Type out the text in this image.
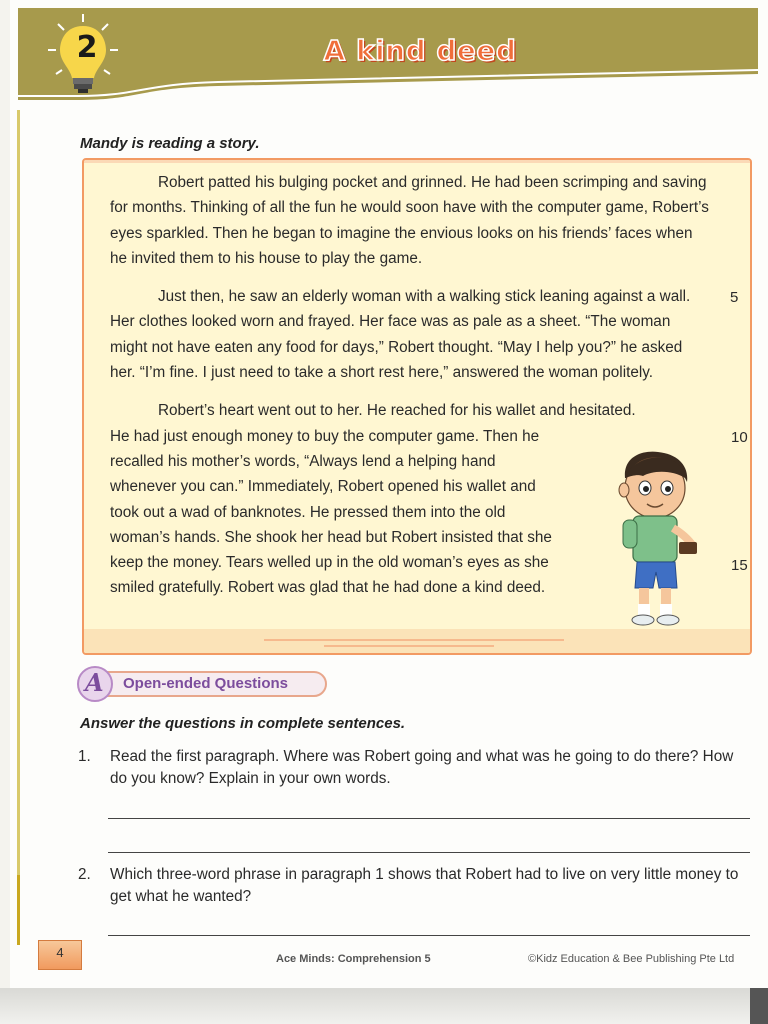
2	A kind deed
Mandy is reading a story.

Robert patted his bulging pocket and grinned. He had been scrimping and saving for months. Thinking of all the fun he would soon have with the computer game, Robert’s eyes sparkled. Then he began to imagine the envious looks on his friends’ faces when he invited them to his house to play the game.

Just then, he saw an elderly woman with a walking stick leaning against a wall. Her clothes looked worn and frayed. Her face was as pale as a sheet. “The woman might not have eaten any food for days,” Robert thought. “May I help you?” he asked her. “I’m fine. I just need to take a short rest here,” answered the woman politely.

Robert’s heart went out to her. He reached for his wallet and hesitated.

He had just enough money to buy the computer game. Then he
recalled his mother’s words, “Always lend a helping hand
whenever you can.” Immediately, Robert opened his wallet and
took out a wad of banknotes. He pressed them into the old
woman’s hands. She shook her head but Robert insisted that she
keep the money. Tears welled up in the old woman’s eyes as she
smiled gratefully. Robert was glad that he had done a kind deed.
5
10
15
A Open-ended Questions
Answer the questions in complete sentences.
1. Read the first paragraph. Where was Robert going and what was he going to do there? How do you know? Explain in your own words.
2. Which three-word phrase in paragraph 1 shows that Robert had to live on very little money to get what he wanted?
4	Ace Minds: Comprehension 5	©Kidz Education & Bee Publishing Pte Ltd
